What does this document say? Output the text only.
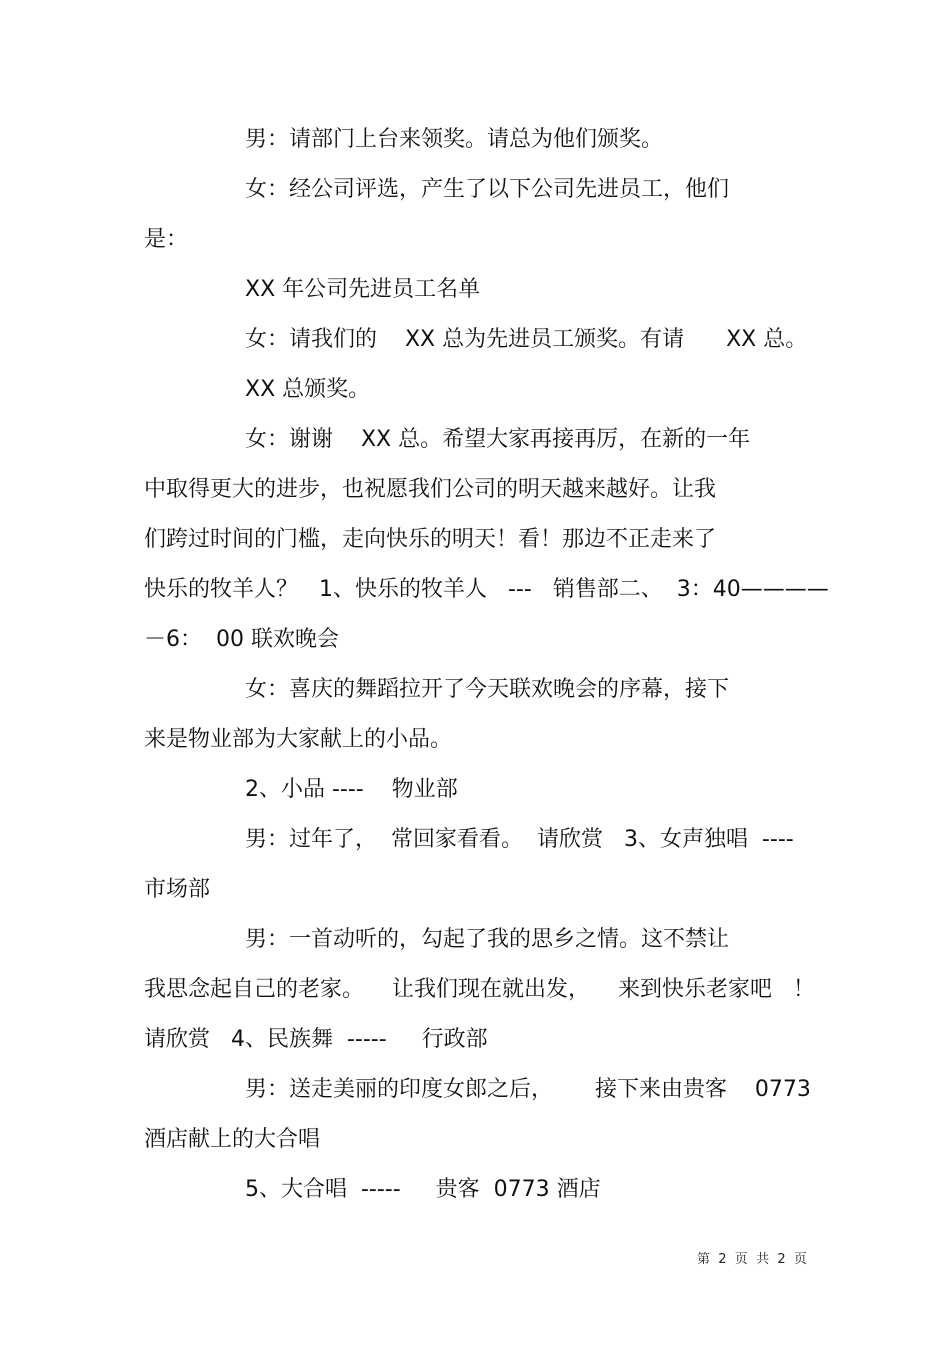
男：请部门上台来领奖。请总为他们颁奖。
女：经公司评选，产生了以下公司先进员工，他们
是：
XX 年公司先进员工名单
女：请我们的    XX 总为先进员工颁奖。有请      XX 总。
XX 总颁奖。
女：谢谢    XX 总。希望大家再接再厉，在新的一年
中取得更大的进步，也祝愿我们公司的明天越来越好。让我
们跨过时间的门槛，走向快乐的明天！看！那边不正走来了
快乐的牧羊人？   1、快乐的牧羊人   ---   销售部二、  3：40————
－6：  00 联欢晚会
女：喜庆的舞蹈拉开了今天联欢晚会的序幕，接下
来是物业部为大家献上的小品。
2、小品 ----    物业部
男：过年了，  常回家看看。  请欣赏   3、女声独唱  ----
市场部
男：一首动听的，勾起了我的思乡之情。这不禁让
我思念起自己的老家。    让我们现在就出发，    来到快乐老家吧   ！
请欣赏   4、民族舞  -----     行政部
男：送走美丽的印度女郎之后，      接下来由贵客    0773
酒店献上的大合唱
5、大合唱  -----     贵客  0773 酒店
第  2  页  共  2  页
